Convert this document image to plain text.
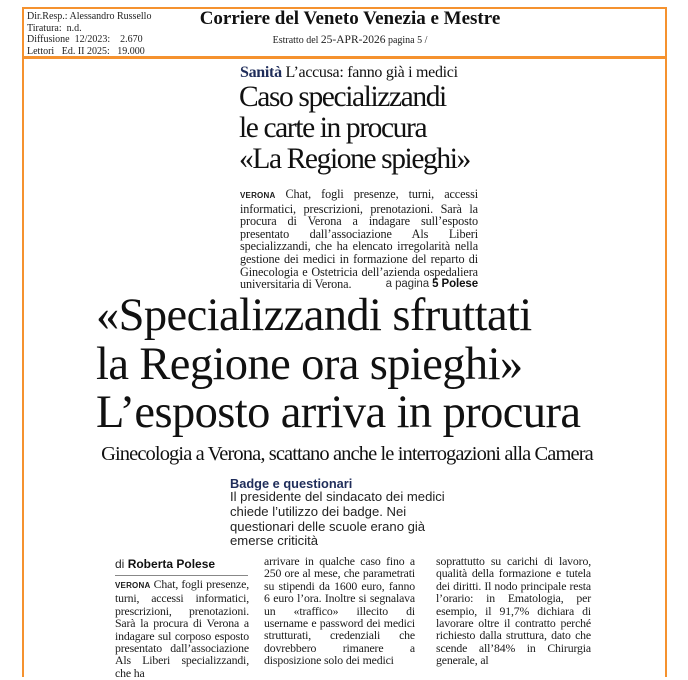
Dir.Resp.: Alessandro Russello
Tiratura:  n.d.
Diffusione  12/2023:    2.670
Lettori   Ed. II 2025:   19.000
Corriere del Veneto Venezia e Mestre
Estratto del 25-APR-2026 pagina 5 /
Sanità L’accusa: fanno già i medici
Caso specializzandi
le carte in procura
«La Regione spieghi»
VERONA Chat, fogli presenze, turni, accessi informatici, prescrizioni, prenotazioni. Sarà la procura di Verona a indagare sull’esposto presentato dall’associazione Als Liberi specializzandi, che ha elencato irregolarità nella gestione dei medici in formazione del reparto di Ginecologia e Ostetricia dell’azienda ospedaliera universitaria di Verona.	a pagina 5 Polese
«Specializzandi sfruttati
la Regione ora spieghi»
L’esposto arriva in procura
Ginecologia a Verona, scattano anche le interrogazioni alla Camera
Badge e questionari
Il presidente del sindacato dei medici chiede l’utilizzo dei badge. Nei questionari delle scuole erano già emerse criticità
di Roberta Polese
VERONA Chat, fogli presenze, turni, accessi informatici, prescrizioni, prenotazioni. Sarà la procura di Verona a indagare sul corposo esposto presentato dall’associazione Als Liberi specializzandi, che ha
arrivare in qualche caso fino a 250 ore al mese, che parametrati su stipendi da 1600 euro, fanno 6 euro l’ora. Inoltre si segnalava un «traffico» illecito di username e password dei medici strutturati, credenziali che dovrebbero rimanere a disposizione solo dei medici
soprattutto su carichi di lavoro, qualità della formazione e tutela dei diritti. Il nodo principale resta l’orario: in Ematologia, per esempio, il 91,7% dichiara di lavorare oltre il contratto perché richiesto dalla struttura, dato che scende all’84% in Chirurgia generale, al
